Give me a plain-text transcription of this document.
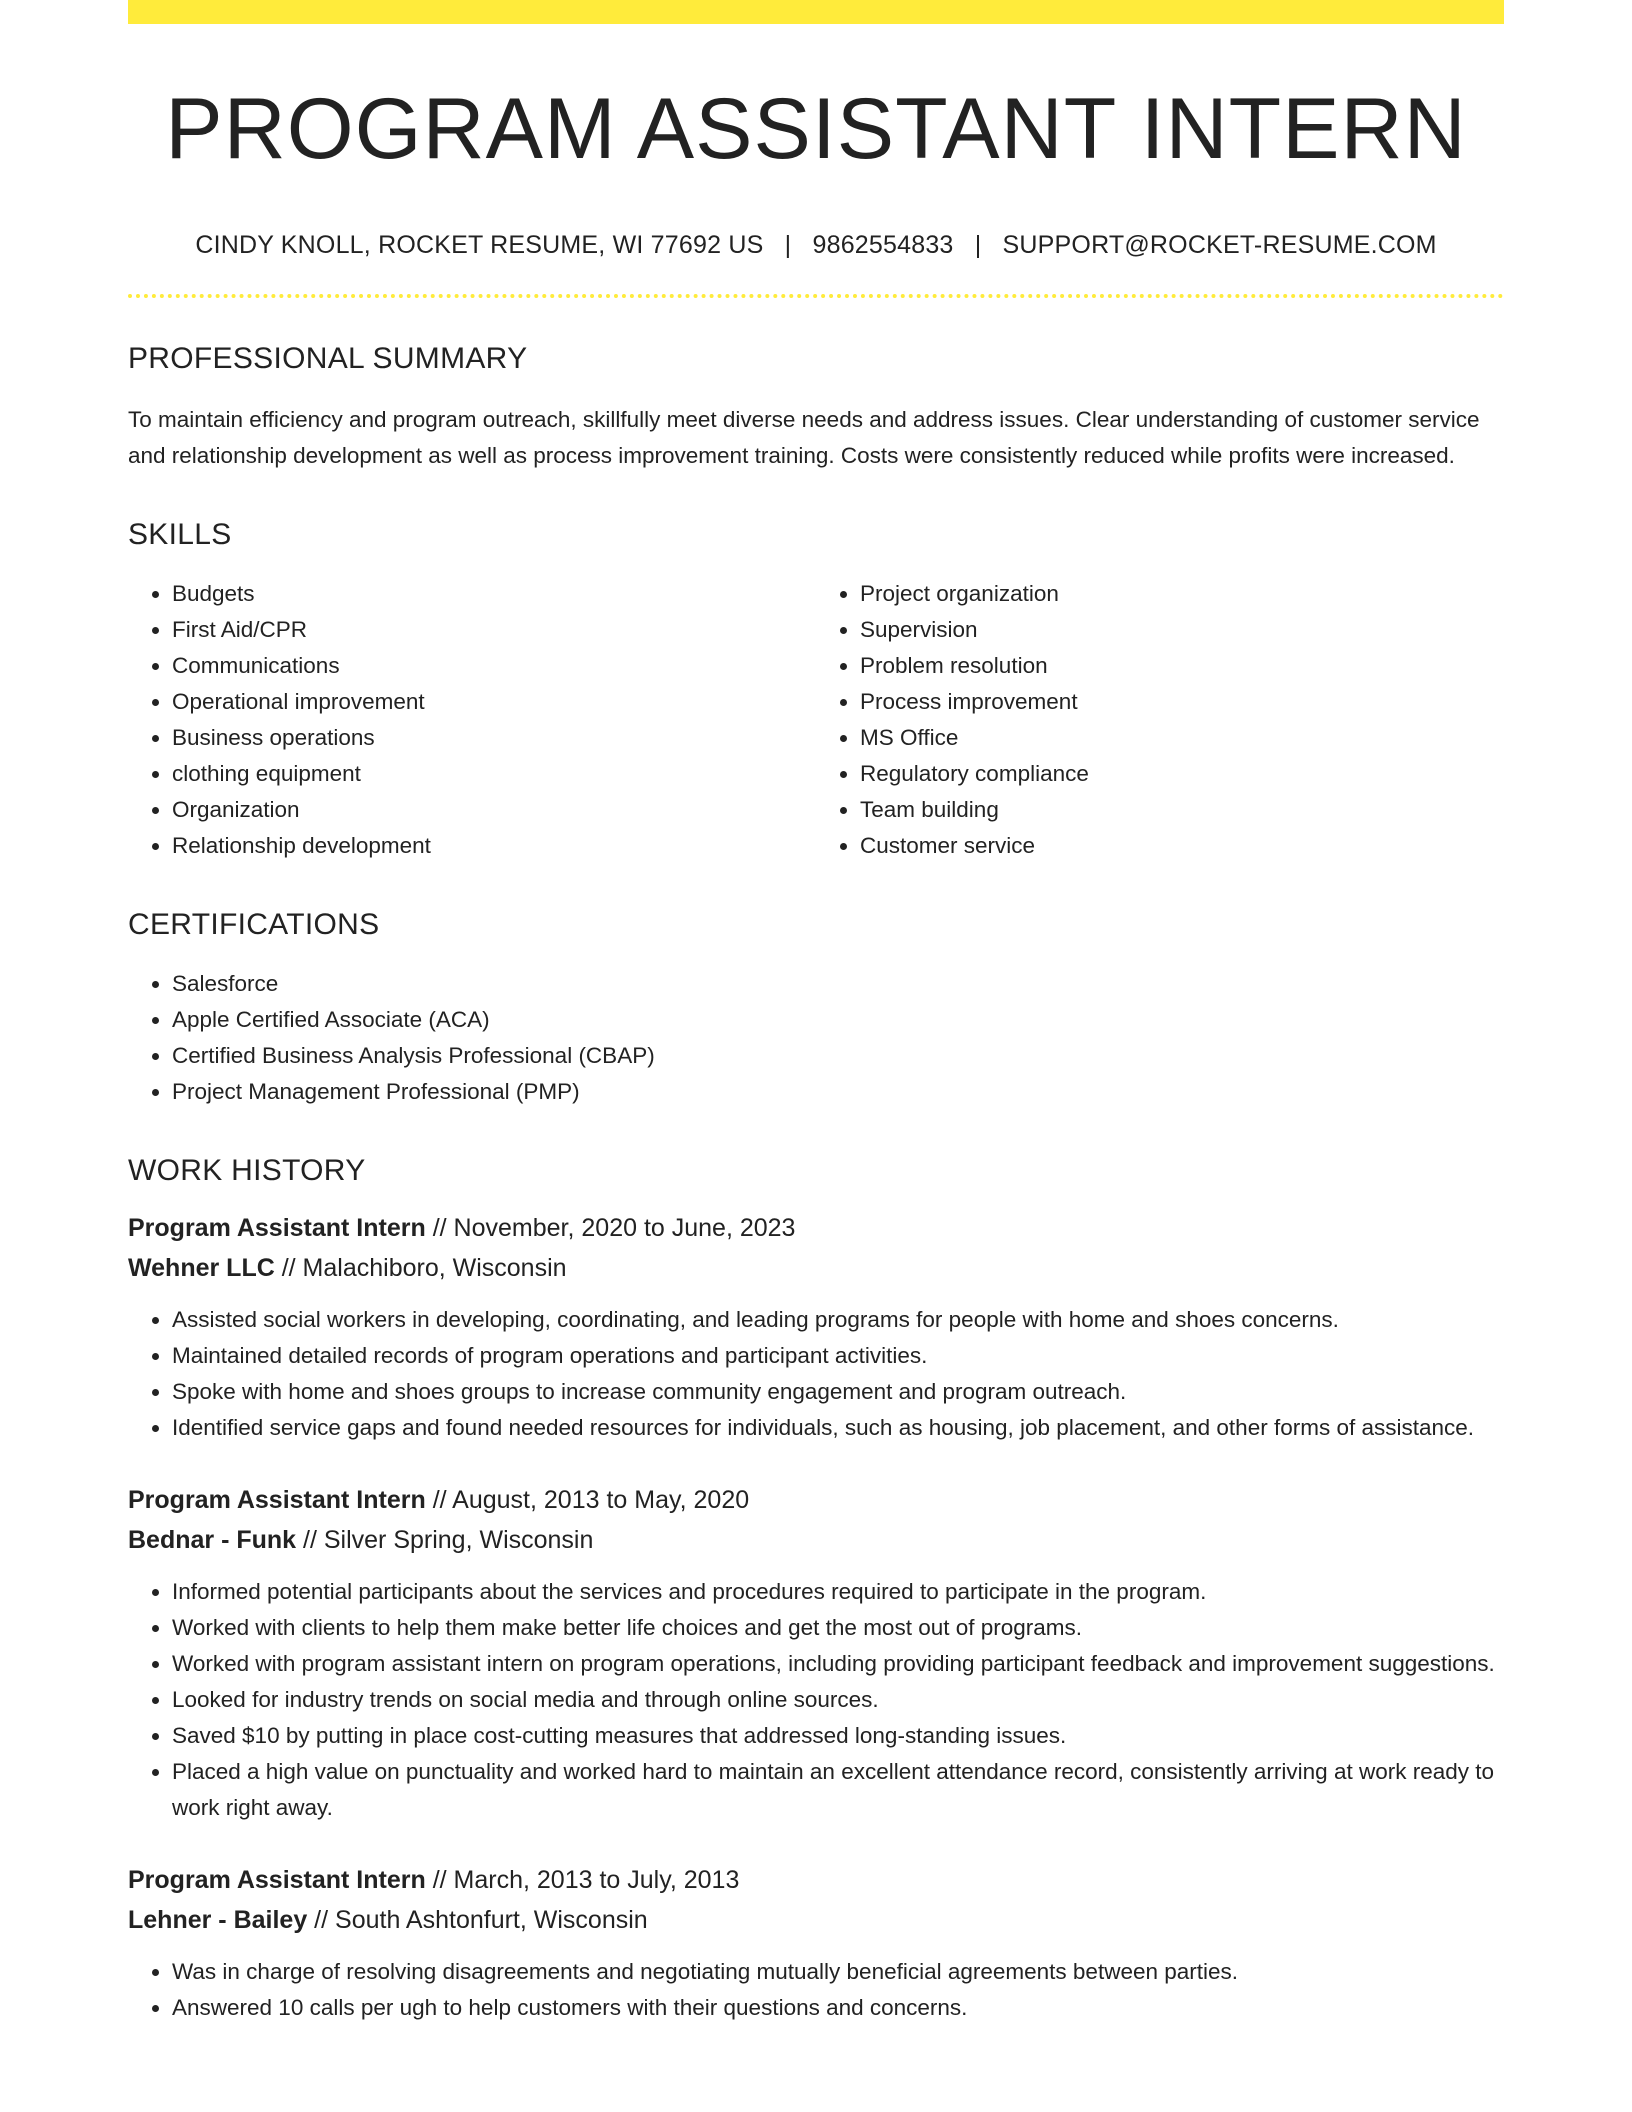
PROGRAM ASSISTANT INTERN
CINDY KNOLL, ROCKET RESUME, WI 77692 US | 9862554833 | SUPPORT@ROCKET-RESUME.COM
PROFESSIONAL SUMMARY
To maintain efficiency and program outreach, skillfully meet diverse needs and address issues. Clear understanding of customer service and relationship development as well as process improvement training. Costs were consistently reduced while profits were increased.
SKILLS
• Budgets
• First Aid/CPR
• Communications
• Operational improvement
• Business operations
• clothing equipment
• Organization
• Relationship development
• Project organization
• Supervision
• Problem resolution
• Process improvement
• MS Office
• Regulatory compliance
• Team building
• Customer service
CERTIFICATIONS
• Salesforce
• Apple Certified Associate (ACA)
• Certified Business Analysis Professional (CBAP)
• Project Management Professional (PMP)
WORK HISTORY
Program Assistant Intern // November, 2020 to June, 2023
Wehner LLC // Malachiboro, Wisconsin
• Assisted social workers in developing, coordinating, and leading programs for people with home and shoes concerns.
• Maintained detailed records of program operations and participant activities.
• Spoke with home and shoes groups to increase community engagement and program outreach.
• Identified service gaps and found needed resources for individuals, such as housing, job placement, and other forms of assistance.
Program Assistant Intern // August, 2013 to May, 2020
Bednar - Funk // Silver Spring, Wisconsin
• Informed potential participants about the services and procedures required to participate in the program.
• Worked with clients to help them make better life choices and get the most out of programs.
• Worked with program assistant intern on program operations, including providing participant feedback and improvement suggestions.
• Looked for industry trends on social media and through online sources.
• Saved $10 by putting in place cost-cutting measures that addressed long-standing issues.
• Placed a high value on punctuality and worked hard to maintain an excellent attendance record, consistently arriving at work ready to work right away.
Program Assistant Intern // March, 2013 to July, 2013
Lehner - Bailey // South Ashtonfurt, Wisconsin
• Was in charge of resolving disagreements and negotiating mutually beneficial agreements between parties.
• Answered 10 calls per ugh to help customers with their questions and concerns.
